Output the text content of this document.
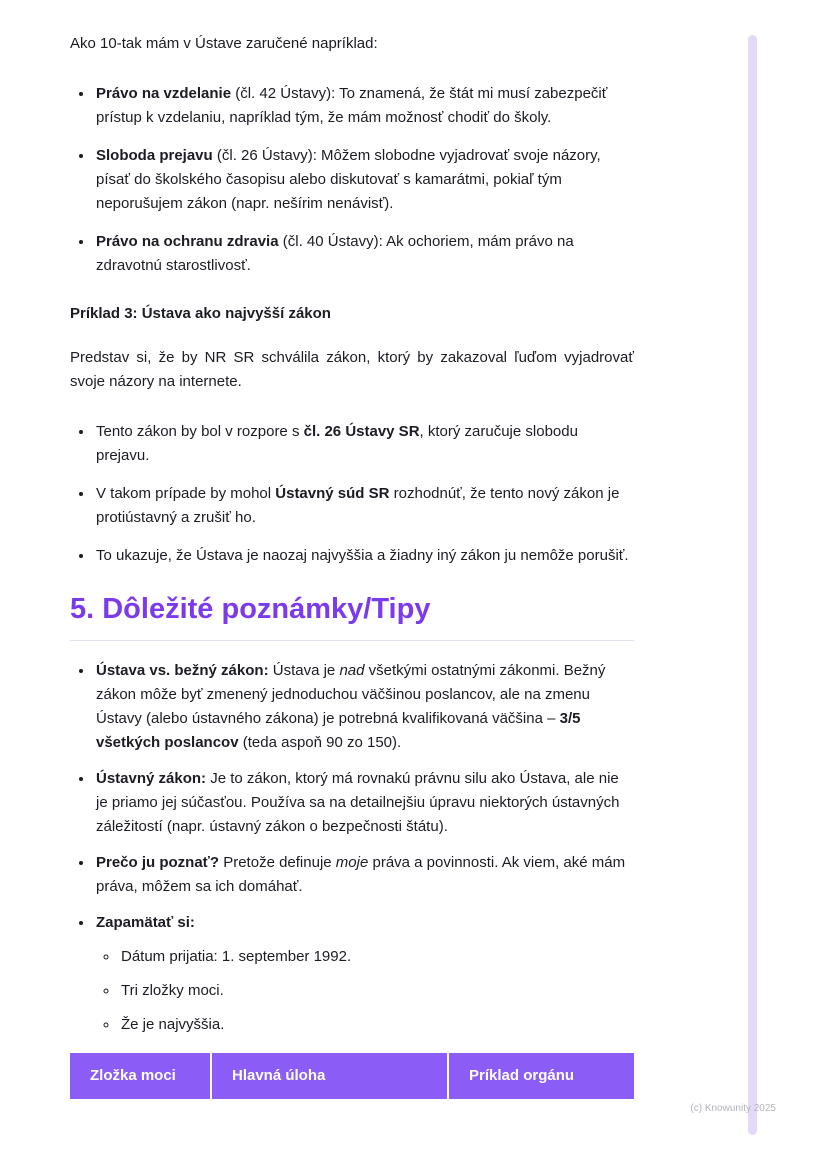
Ako 10-tak mám v Ústave zaručené napríklad:

• Právo na vzdelanie (čl. 42 Ústavy): To znamená, že štát mi musí zabezpečiť prístup k vzdelaniu, napríklad tým, že mám možnosť chodiť do školy.
• Sloboda prejavu (čl. 26 Ústavy): Môžem slobodne vyjadrovať svoje názory, písať do školského časopisu alebo diskutovať s kamarátmi, pokiaľ tým neporušujem zákon (napr. nešírim nenávisť).
• Právo na ochranu zdravia (čl. 40 Ústavy): Ak ochoriem, mám právo na zdravotnú starostlivosť.
Príklad 3: Ústava ako najvyšší zákon

Predstav si, že by NR SR schválila zákon, ktorý by zakazoval ľuďom vyjadrovať svoje názory na internete.

• Tento zákon by bol v rozpore s čl. 26 Ústavy SR, ktorý zaručuje slobodu prejavu.
• V takom prípade by mohol Ústavný súd SR rozhodnúť, že tento nový zákon je protiústavný a zrušiť ho.
• To ukazuje, že Ústava je naozaj najvyššia a žiadny iný zákon ju nemôže porušiť.
5. Dôležité poznámky/Tipy
• Ústava vs. bežný zákon: Ústava je nad všetkými ostatnými zákonmi. Bežný zákon môže byť zmenený jednoduchou väčšinou poslancov, ale na zmenu Ústavy (alebo ústavného zákona) je potrebná kvalifikovaná väčšina – 3/5 všetkých poslancov (teda aspoň 90 zo 150).
• Ústavný zákon: Je to zákon, ktorý má rovnakú právnu silu ako Ústava, ale nie je priamo jej súčasťou. Používa sa na detailnejšiu úpravu niektorých ústavných záležitostí (napr. ústavný zákon o bezpečnosti štátu).
• Prečo ju poznať? Pretože definuje moje práva a povinnosti. Ak viem, aké mám práva, môžem sa ich domáhať.
• Zapamätať si:
◦ Dátum prijatia: 1. september 1992.
◦ Tri zložky moci.
◦ Že je najvyššia.
Zložka moci	Hlavná úloha	Príklad orgánu
(c) Knowunity 2025
